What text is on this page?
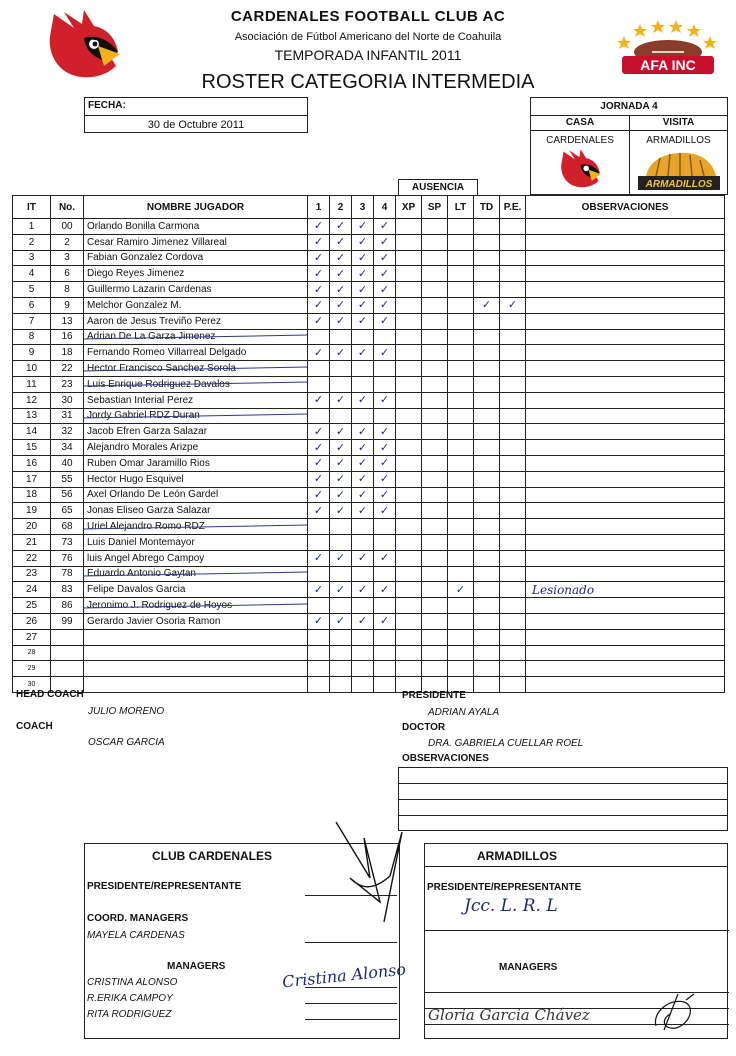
AFA INC
CARDENALES FOOTBALL CLUB AC
Asociación de Fútbol Americano del Norte de Coahuila
TEMPORADA INFANTIL 2011
ROSTER CATEGORIA INTERMEDIA
FECHA:
30 de Octubre 2011
JORNADA 4
CASA
CARDENALES
VISITA
ARMADILLOS
ARMADILLOS
AUSENCIA
IT	No.	NOMBRE JUGADOR	1	2	3	4	XP	SP	LT	TD	P.E.	OBSERVACIONES
1	00	Orlando Bonilla Carmona	✓	✓	✓	✓						
2	2	Cesar Ramiro Jimenez Villareal	✓	✓	✓	✓						
3	3	Fabian Gonzalez Cordova	✓	✓	✓	✓						
4	6	Diego Reyes Jimenez	✓	✓	✓	✓						
5	8	Guillermo Lazarin Cardenas	✓	✓	✓	✓						
6	9	Melchor Gonzalez M.	✓	✓	✓	✓				✓	✓	
7	13	Aaron de Jesus Treviño Perez	✓	✓	✓	✓						
8	16	Adrian De La Garza Jimenez										
9	18	Fernando Romeo Villarreal Delgado	✓	✓	✓	✓						
10	22	Hector Francisco Sanchez Sorola										
11	23	Luis Enrique Rodriguez Davalos										
12	30	Sebastian Interial Perez	✓	✓	✓	✓						
13	31	Jordy Gabriel RDZ Duran										
14	32	Jacob Efren Garza Salazar	✓	✓	✓	✓						
15	34	Alejandro Morales Arizpe	✓	✓	✓	✓						
16	40	Ruben Omar Jaramillo Rios	✓	✓	✓	✓						
17	55	Hector Hugo Esquivel	✓	✓	✓	✓						
18	56	Axel Orlando De León Gardel	✓	✓	✓	✓						
19	65	Jonas Eliseo Garza Salazar	✓	✓	✓	✓						
20	68	Uriel Alejandro Romo RDZ										
21	73	Luis Daniel Montemayor										
22	76	luis Angel Abrego Campoy	✓	✓	✓	✓						
23	78	Eduardo Antonio Gaytan										
24	83	Felipe Davalos Garcia	✓	✓	✓	✓			✓			Lesionado
25	86	Jeronimo J. Rodriguez de Hoyos										
26	99	Gerardo Javier Osoria Ramon	✓	✓	✓	✓						
27												
28												
29												
30												
HEAD COACH
JULIO MORENO
COACH
OSCAR GARCIA
PRESIDENTE
ADRIAN AYALA
DOCTOR
DRA. GABRIELA CUELLAR ROEL
OBSERVACIONES
CLUB CARDENALES
PRESIDENTE/REPRESENTANTE
COORD. MANAGERS
MAYELA CARDENAS
MANAGERS
CRISTINA ALONSO
R.ERIKA CAMPOY
RITA RODRIGUEZ
Cristina Alonso
ARMADILLOS
PRESIDENTE/REPRESENTANTE
MANAGERS
Jcc. L. R. L
Gloria Garcia Chávez
